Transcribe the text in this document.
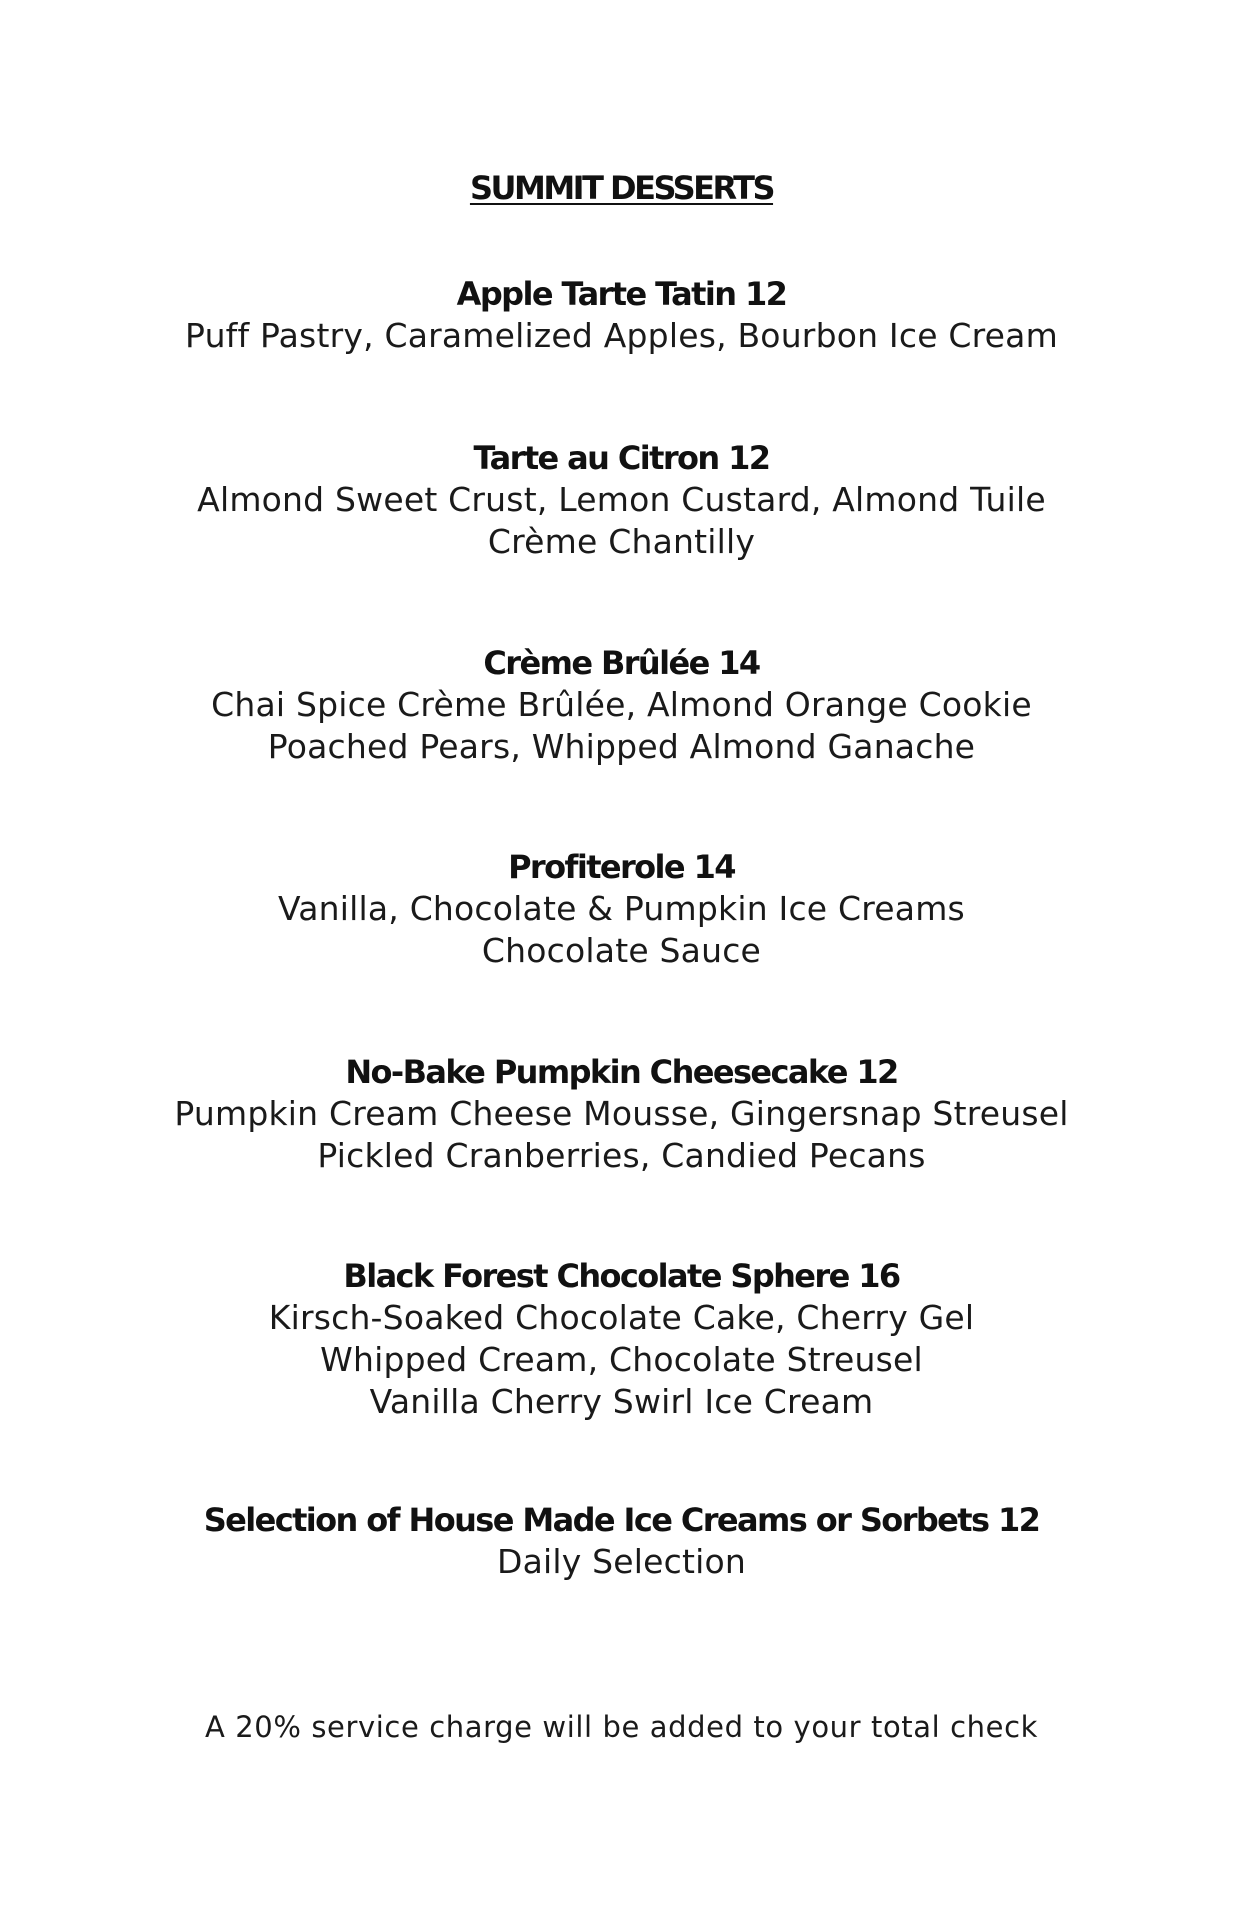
SUMMIT DESSERTS
Apple Tarte Tatin 12
Puff Pastry, Caramelized Apples, Bourbon Ice Cream
Tarte au Citron 12
Almond Sweet Crust, Lemon Custard, Almond Tuile
Crème Chantilly
Crème Brûlée 14
Chai Spice Crème Brûlée, Almond Orange Cookie
Poached Pears, Whipped Almond Ganache
Profiterole 14
Vanilla, Chocolate & Pumpkin Ice Creams
Chocolate Sauce
No-Bake Pumpkin Cheesecake 12
Pumpkin Cream Cheese Mousse, Gingersnap Streusel
Pickled Cranberries, Candied Pecans
Black Forest Chocolate Sphere 16
Kirsch-Soaked Chocolate Cake, Cherry Gel
Whipped Cream, Chocolate Streusel
Vanilla Cherry Swirl Ice Cream
Selection of House Made Ice Creams or Sorbets 12
Daily Selection
A 20% service charge will be added to your total check
